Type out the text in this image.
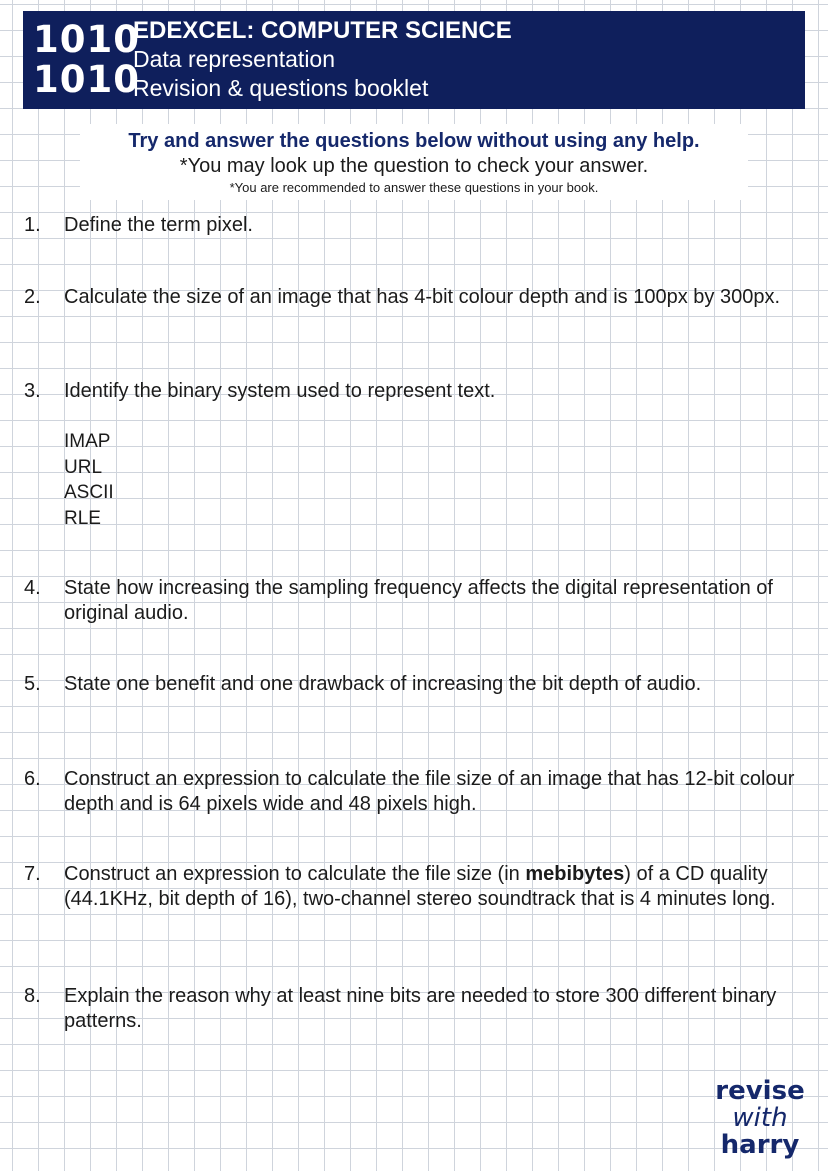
1010
1010
EDEXCEL: COMPUTER SCIENCE
Data representation
Revision & questions booklet
Try and answer the questions below without using any help.
*You may look up the question to check your answer.
*You are recommended to answer these questions in your book.
1. Define the term pixel.
2. Calculate the size of an image that has 4-bit colour depth and is 100px by 300px.
3. Identify the binary system used to represent text.
IMAP
URL
ASCII
RLE
4. State how increasing the sampling frequency affects the digital representation of original audio.
5. State one benefit and one drawback of increasing the bit depth of audio.
6. Construct an expression to calculate the file size of an image that has 12-bit colour depth and is 64 pixels wide and 48 pixels high.
7. Construct an expression to calculate the file size (in mebibytes) of a CD quality (44.1KHz, bit depth of 16), two-channel stereo soundtrack that is 4 minutes long.
8. Explain the reason why at least nine bits are needed to store 300 different binary patterns.
revise
with
harry
